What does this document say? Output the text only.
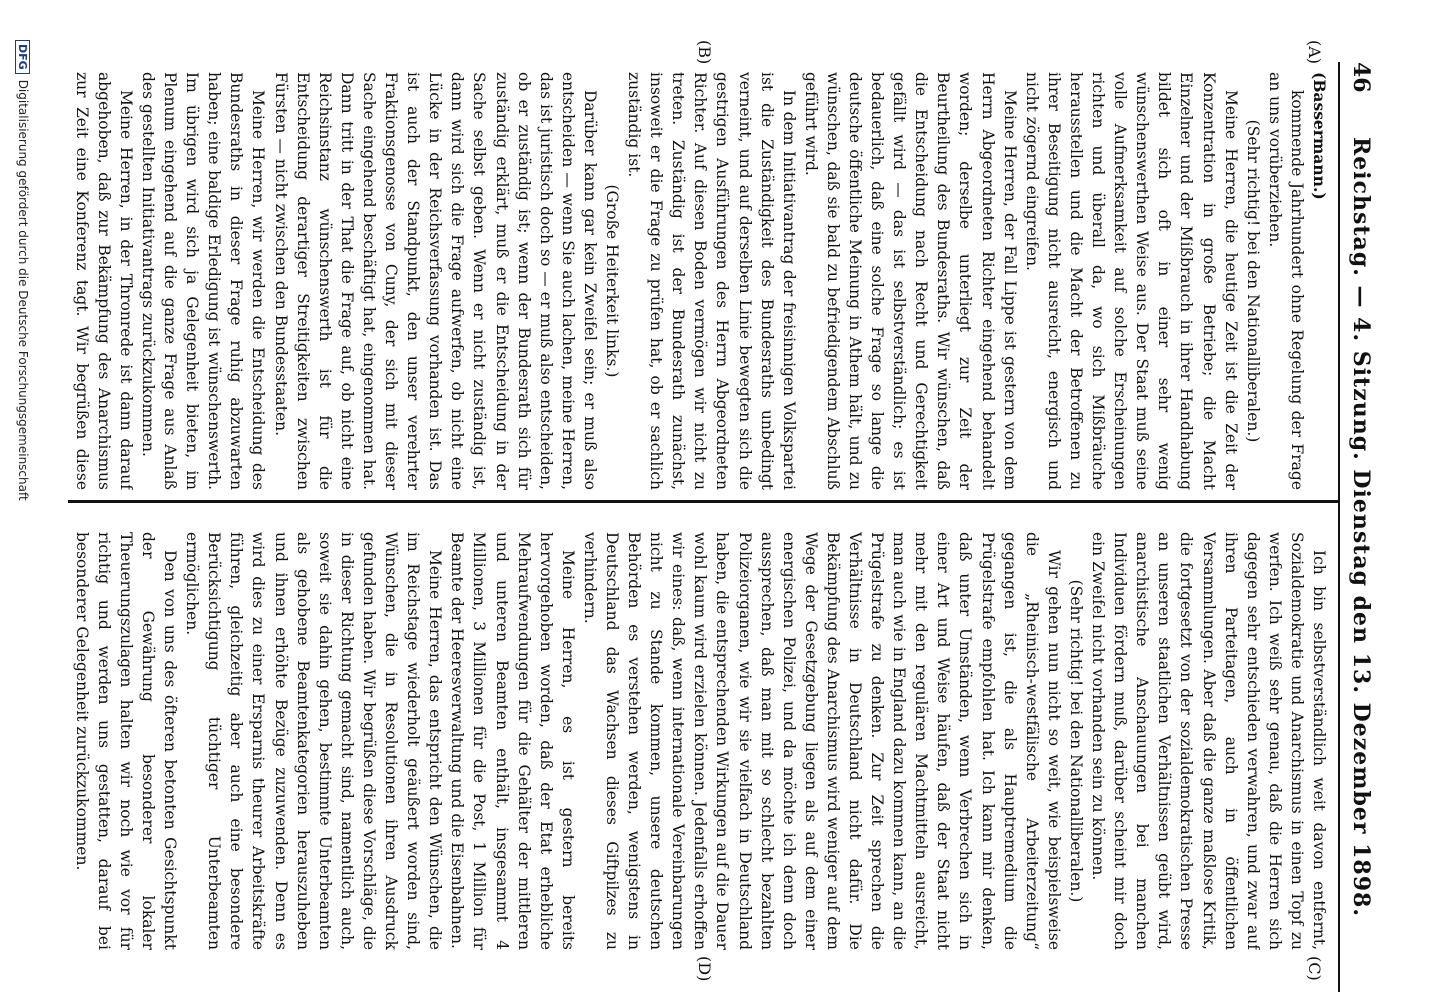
46
Reichstag. — 4. Sitzung. Dienstag den 13. Dezember 1898.
(A)
(B)
(C)
(D)

(Bassermann.)

kommende Jahrhundert ohne Regelung der Frage an uns vorüberziehen.

(Sehr richtig! bei den Nationalliberalen.)

Meine Herren, die heutige Zeit ist die Zeit der Konzentration in große Betriebe; die Macht Einzelner und der Mißbrauch in ihrer Handhabung bildet sich oft in einer sehr wenig wünschenswerthen Weise aus. Der Staat muß seine volle Aufmerksamkeit auf solche Erscheinungen richten und überall da, wo sich Mißbräuche herausstellen und die Macht der Betroffenen zu ihrer Beseitigung nicht ausreicht, energisch und nicht zögernd eingreifen.

Meine Herren, der Fall Lippe ist gestern von dem Herrn Abgeordneten Richter eingehend behandelt worden; derselbe unterliegt zur Zeit der Beurtheilung des Bundesraths. Wir wünschen, daß die Entscheidung nach Recht und Gerechtigkeit gefällt wird — das ist selbstverständlich; es ist bedauerlich, daß eine solche Frage so lange die deutsche öffentliche Meinung in Athem hält, und zu wünschen, daß sie bald zu befriedigendem Abschluß geführt wird.

In dem Initiativantrag der freisinnigen Volkspartei ist die Zuständigkeit des Bundesraths unbedingt verneint, und auf derselben Linie bewegten sich die gestrigen Ausführungen des Herrn Abgeordneten Richter. Auf diesen Boden vermögen wir nicht zu treten. Zuständig ist der Bundesrath zunächst, insoweit er die Frage zu prüfen hat, ob er sachlich zuständig ist.

(Große Heiterkeit links.)

Darüber kann gar kein Zweifel sein; er muß also entscheiden — wenn Sie auch lachen, meine Herren, das ist juristisch doch so — er muß also entscheiden, ob er zuständig ist; wenn der Bundesrath sich für zuständig erklärt, muß er die Entscheidung in der Sache selbst geben. Wenn er nicht zuständig ist, dann wird sich die Frage aufwerfen, ob nicht eine Lücke in der Reichsverfassung vorhanden ist. Das ist auch der Standpunkt, den unser verehrter Fraktionsgenosse von Cuny, der sich mit dieser Sache eingehend beschäftigt hat, eingenommen hat. Dann tritt in der That die Frage auf, ob nicht eine Reichsinstanz wünschenswerth ist für die Entscheidung derartiger Streitigkeiten zwischen Fürsten — nicht zwischen den Bundesstaaten.

Meine Herren, wir werden die Entscheidung des Bundesraths in dieser Frage ruhig abzuwarten haben; eine baldige Erledigung ist wünschenswerth. Im übrigen wird sich ja Gelegenheit bieten, im Plenum eingehend auf die ganze Frage aus Anlaß des gestellten Initiativantrags zurückzukommen.

Meine Herren, in der Thronrede ist dann darauf abgehoben, daß zur Bekämpfung des Anarchismus zur Zeit eine Konferenz tagt. Wir begrüßen diese

Ich bin selbstverständlich weit davon entfernt, Sozialdemokratie und Anarchismus in einen Topf zu werfen. Ich weiß sehr genau, daß die Herren sich dagegen sehr entschieden verwahren, und zwar auf ihren Parteitagen, auch in öffentlichen Versammlungen. Aber daß die ganze maßlose Kritik, die fortgesetzt von der sozialdemokratischen Presse an unseren staatlichen Verhältnissen geübt wird, anarchistische Anschauungen bei manchen Individuen fördern muß, darüber scheint mir doch ein Zweifel nicht vorhanden sein zu können.

(Sehr richtig! bei den Nationalliberalen.)

Wir gehen nun nicht so weit, wie beispielsweise die „Rheinisch-westfälische Arbeiterzeitung“ gegangen ist, die als Hauptremedium die Prügelstrafe empfohlen hat. Ich kann mir denken, daß unter Umständen, wenn Verbrechen sich in einer Art und Weise häufen, daß der Staat nicht mehr mit den regulären Machtmitteln ausreicht, man auch wie in England dazu kommen kann, an die Prügelstrafe zu denken. Zur Zeit sprechen die Verhältnisse in Deutschland nicht dafür. Die Bekämpfung des Anarchismus wird weniger auf dem Wege der Gesetzgebung liegen als auf dem einer energischen Polizei, und da möchte ich denn doch aussprechen, daß man mit so schlecht bezahlten Polizeiorganen, wie wir sie vielfach in Deutschland haben, die entsprechenden Wirkungen auf die Dauer wohl kaum wird erzielen können. Jedenfalls erhoffen wir eines: daß, wenn internationale Vereinbarungen nicht zu Stande kommen, unsere deutschen Behörden es verstehen werden, wenigstens in Deutschland das Wachsen dieses Giftpilzes zu verhindern.

Meine Herren, es ist gestern bereits hervorgehoben worden, daß der Etat erhebliche Mehraufwendungen für die Gehälter der mittleren und unteren Beamten enthält, insgesammt 4 Millionen, 3 Millionen für die Post, 1 Million für Beamte der Heeresverwaltung und die Eisenbahnen.

Meine Herren, das entspricht den Wünschen, die im Reichstage wiederholt geäußert worden sind, Wünschen, die in Resolutionen ihren Ausdruck gefunden haben. Wir begrüßen diese Vorschläge, die in dieser Richtung gemacht sind, namentlich auch, soweit sie dahin gehen, bestimmte Unterbeamten als gehobene Beamtenkategorien herauszuheben und ihnen erhöhte Bezüge zuzuwenden. Denn es wird dies zu einer Ersparnis theurer Arbeitskräfte führen, gleichzeitig aber auch eine besondere Berücksichtigung tüchtiger Unterbeamten ermöglichen.

Den von uns des öfteren betonten Gesichtspunkt der Gewährung besonderer lokaler Theuerungszulagen halten wir noch wie vor für richtig und werden uns gestatten, darauf bei besonderer Gelegenheit zurückzukommen.

DFGDigitalisierung gefördert durch die Deutsche Forschungsgemeinschaft
